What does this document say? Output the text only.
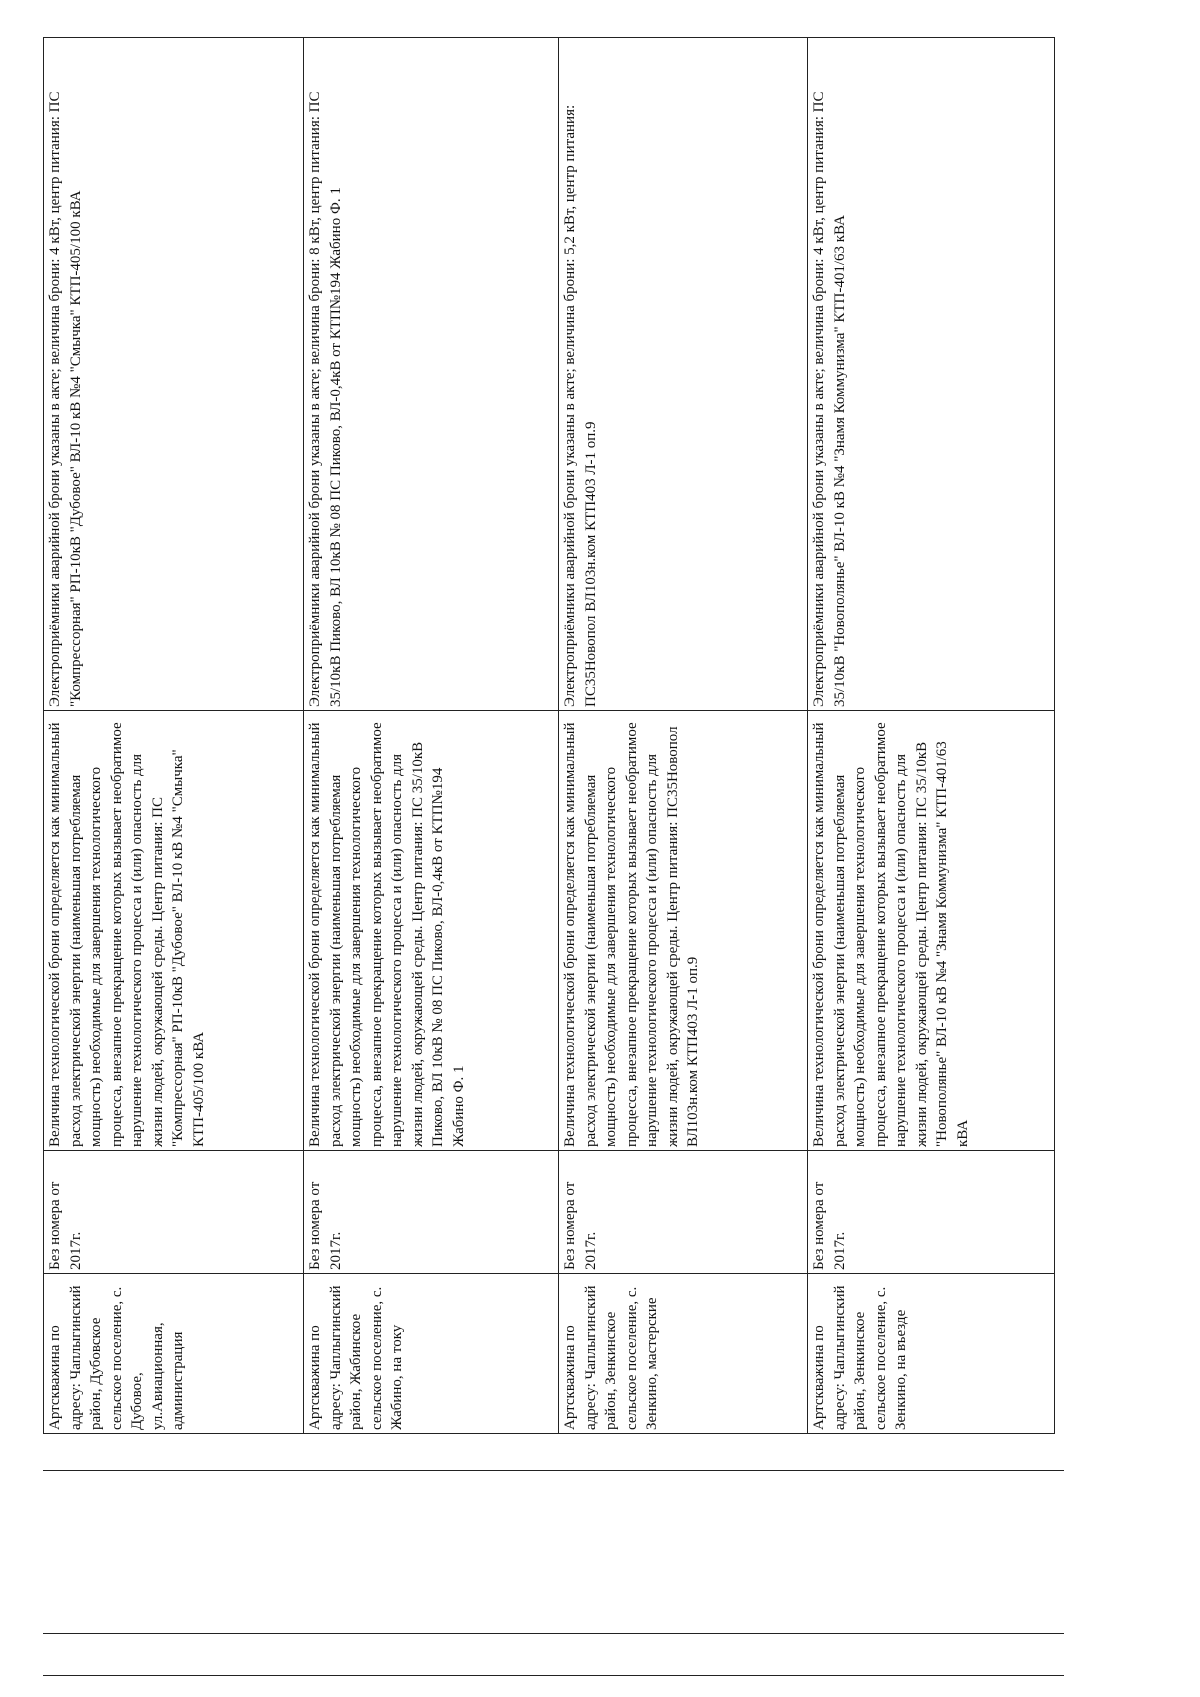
Артскважина по адресу: Чаплыгинский район, Дубовское сельское поселение, с. Дубовое, ул.Авиационная, администрация	Без номера от 2017г.	Величина технологической брони определяется как минимальный расход электрической энергии (наименьшая потребляемая мощность) необходимые для завершения технологического процесса, внезапное прекращение которых вызывает необратимое нарушение технологического процесса и (или) опасность для жизни людей, окружающей среды. Центр питания: ПС "Компрессорная" РП-10кВ "Дубовое" ВЛ-10 кВ №4 "Смычка" КТП-405/100 кВА	Электроприёмники аварийной брони указаны в акте; величина брони: 4 кВт, центр питания: ПС "Компрессорная" РП-10кВ "Дубовое" ВЛ-10 кВ №4 "Смычка" КТП-405/100 кВА
Артскважина по адресу: Чаплыгинский район, Жабинское сельское поселение, с. Жабино, на току	Без номера от 2017г.	Величина технологической брони определяется как минимальный расход электрической энергии (наименьшая потребляемая мощность) необходимые для завершения технологического процесса, внезапное прекращение которых вызывает необратимое нарушение технологического процесса и (или) опасность для жизни людей, окружающей среды. Центр питания: ПС 35/10кВ Пиково, ВЛ 10кВ № 08 ПС Пиково, ВЛ-0,4кВ от КТП№194 Жабино Ф. 1	Электроприёмники аварийной брони указаны в акте; величина брони: 8 кВт, центр питания: ПС 35/10кВ Пиково, ВЛ 10кВ № 08 ПС Пиково, ВЛ-0,4кВ от КТП№194 Жабино Ф. 1
Артскважина по адресу: Чаплыгинский район, Зенкинское сельское поселение, с. Зенкино, мастерские	Без номера от 2017г.	Величина технологической брони определяется как минимальный расход электрической энергии (наименьшая потребляемая мощность) необходимые для завершения технологического процесса, внезапное прекращение которых вызывает необратимое нарушение технологического процесса и (или) опасность для жизни людей, окружающей среды. Центр питания: ПС35Новопол ВЛ103н.ком КТП403 Л-1 оп.9	Электроприёмники аварийной брони указаны в акте; величина брони: 5,2 кВт, центр питания: ПС35Новопол ВЛ103н.ком КТП403 Л-1 оп.9
Артскважина по адресу: Чаплыгинский район, Зенкинское сельское поселение, с. Зенкино, на въезде	Без номера от 2017г.	Величина технологической брони определяется как минимальный расход электрической энергии (наименьшая потребляемая мощность) необходимые для завершения технологического процесса, внезапное прекращение которых вызывает необратимое нарушение технологического процесса и (или) опасность для жизни людей, окружающей среды. Центр питания: ПС 35/10кВ "Новополянье" ВЛ-10 кВ №4 "Знамя Коммунизма" КТП-401/63 кВА	Электроприёмники аварийной брони указаны в акте; величина брони: 4 кВт, центр питания: ПС 35/10кВ "Новополянье" ВЛ-10 кВ №4 "Знамя Коммунизма" КТП-401/63 кВА
